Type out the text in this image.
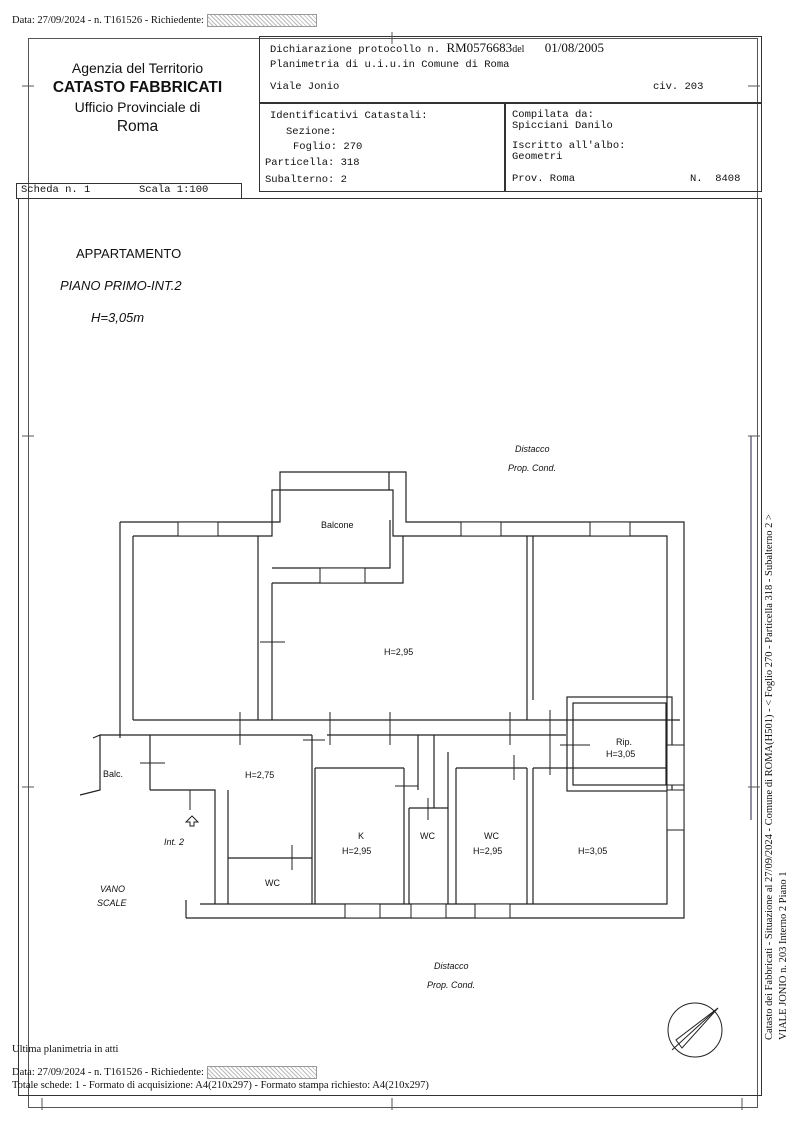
Data: 27/09/2024 - n. T161526 - Richiedente:
Agenzia del Territorio
CATASTO FABBRICATI
Ufficio Provinciale di
Roma
Dichiarazione protocollo n. RM0576683del 01/08/2005
Planimetria di u.i.u.in Comune di Roma
Viale Jonio	civ. 203
Identificativi Catastali:
Sezione:
Foglio: 270
Particella: 318
Subalterno: 2
Compilata da:
Spicciani Danilo
Iscritto all'albo:
Geometri
Prov. Roma	N.  8408
Scheda n. 1	Scala 1:100
APPARTAMENTO
PIANO PRIMO-INT.2
H=3,05m
Distacco
Prop. Cond.
Balcone
H=2,95
Rip.
H=3,05
Balc.	H=2,75
Int. 2
K
H=2,95
WC	WC
H=2,95	H=3,05
WC
VANO
SCALE
Distacco
Prop. Cond.	Catasto dei Fabbricati - Situazione al 27/09/2024 - Comune di ROMA(H501) - < Foglio 270 - Particella 318 - Subalterno 2 > VIALE JONIO n. 203 Interno 2 Piano 1
Ultima planimetria in atti
Data: 27/09/2024 - n. T161526 - Richiedente:
Totale schede: 1 - Formato di acquisizione: A4(210x297) - Formato stampa richiesto: A4(210x297)
